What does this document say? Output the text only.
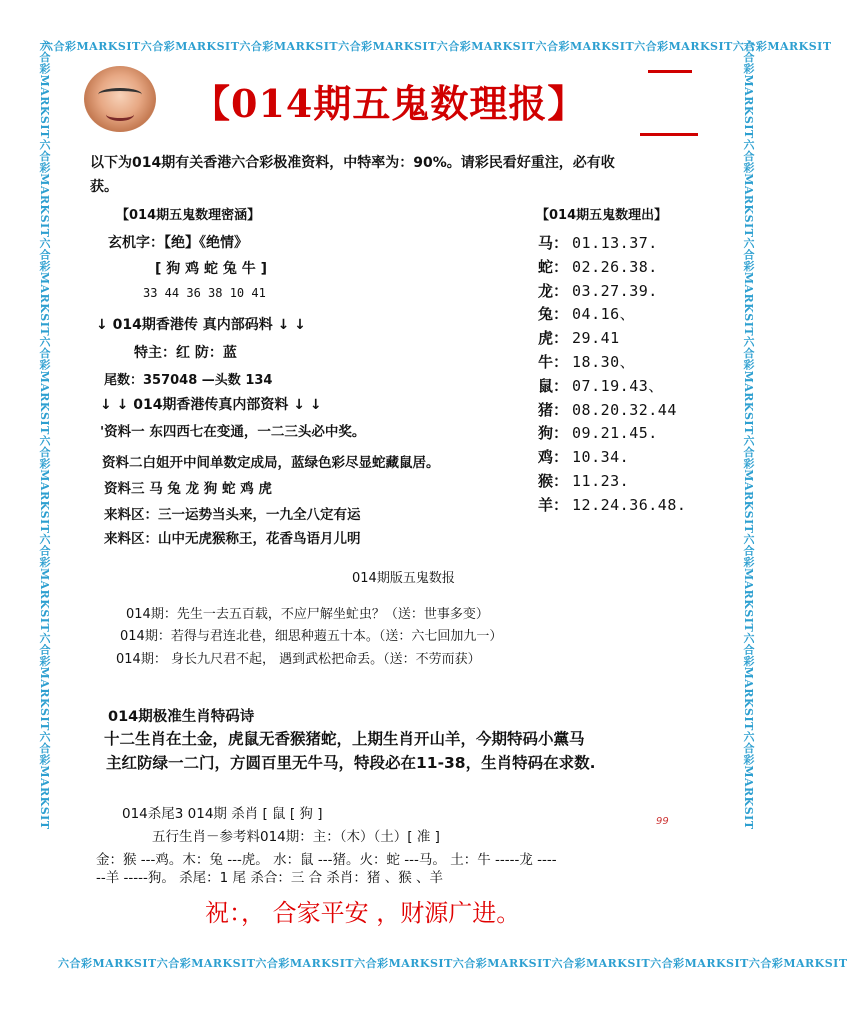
六合彩MARKSIT六合彩MARKSIT六合彩MARKSIT六合彩MARKSIT六合彩MARKSIT六合彩MARKSIT六合彩MARKSIT六合彩MARKSIT
六合彩MARKSIT六合彩MARKSIT六合彩MARKSIT六合彩MARKSIT六合彩MARKSIT六合彩MARKSIT六合彩MARKSIT六合彩MARKSIT
六合彩MARKSIT六合彩MARKSIT六合彩MARKSIT六合彩MARKSIT六合彩MARKSIT六合彩MARKSIT六合彩MARKSIT六合彩MARKSIT	六合彩MARKSIT六合彩MARKSIT六合彩MARKSIT六合彩MARKSIT六合彩MARKSIT六合彩MARKSIT六合彩MARKSIT六合彩MARKSIT
【014期五鬼数理报】
以下为014期有关香港六合彩极准资料，中特率为：90%。请彩民看好重注，必有收
获。
【014期五鬼数理密涵】
玄机字：【绝】《绝情》
[ 狗 鸡 蛇 兔 牛 ]
33 44 36 38 10 41
↓ 014期香港传 真内部码料 ↓ ↓
特主：红 防：蓝
尾数：357048 —头数 134
↓ ↓ 014期香港传真内部资料 ↓ ↓
'资料一 东四西七在变通，一二三头必中奖。
资料二白姐开中间单数定成局，蓝绿色彩尽显蛇藏鼠居。
资料三 马 兔 龙 狗 蛇 鸡 虎
来料区：三一运势当头来，一九全八定有运
来料区：山中无虎猴称王，花香鸟语月儿明
【014期五鬼数理出】
马： 01.13.37.
蛇： 02.26.38.
龙： 03.27.39.
兔： 04.16、
虎： 29.41
牛： 18.30、
鼠： 07.19.43、
猪： 08.20.32.44
狗： 09.21.45.
鸡： 10.34.
猴： 11.23.
羊： 12.24.36.48.
014期版五鬼数报
014期：先生一去五百载，不应尸解坐虻虫？（送：世事多变）
014期：若得与君连北巷，细思种蕸五十本。（送：六七回加九一）
014期： 身长九尺君不起， 遇到武松把命丢。（送：不劳而获）
014期极准生肖特码诗
十二生肖在土金，虎鼠无香猴猪蛇，上期生肖开山羊，今期特码小黨马
主红防绿一二门，方圆百里无牛马，特段必在11-38，生肖特码在求数.
014杀尾3 014期 杀肖 [ 鼠 [ 狗 ]	99
五行生肖－参考料014期：主：（木）（土）[ 准 ]
金：猴 ---鸡。木：兔 ---虎。 水：鼠 ---猪。火：蛇 ---马。 土：牛 -----龙 ----
--羊 -----狗。 杀尾：1 尾 杀合：三 合 杀肖：猪 、猴 、羊
祝：， 合家平安 ，财源广进。
